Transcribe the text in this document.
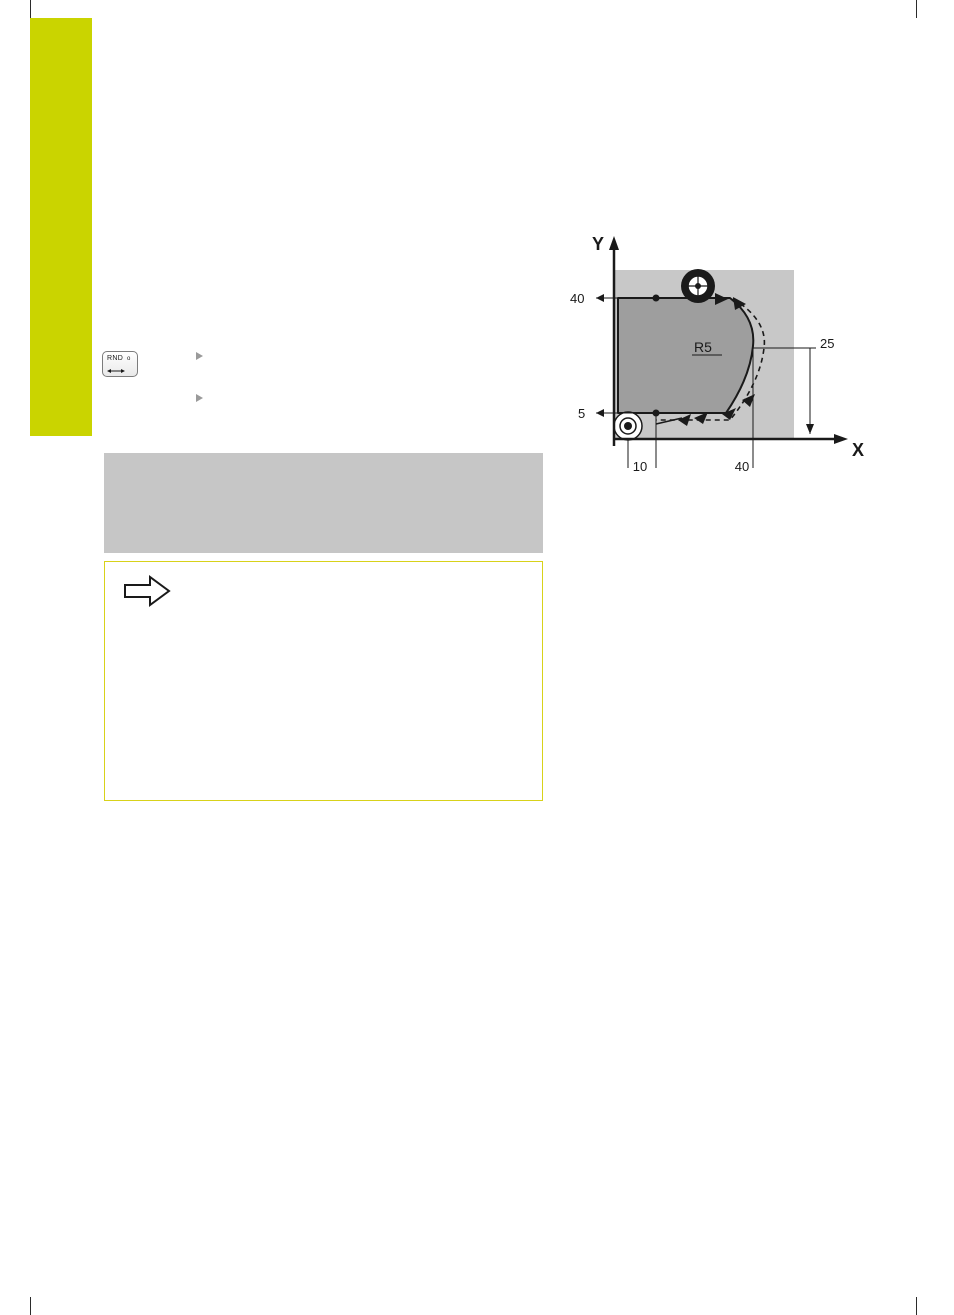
RND o

R5
Y
X
40
5
10	40
25
